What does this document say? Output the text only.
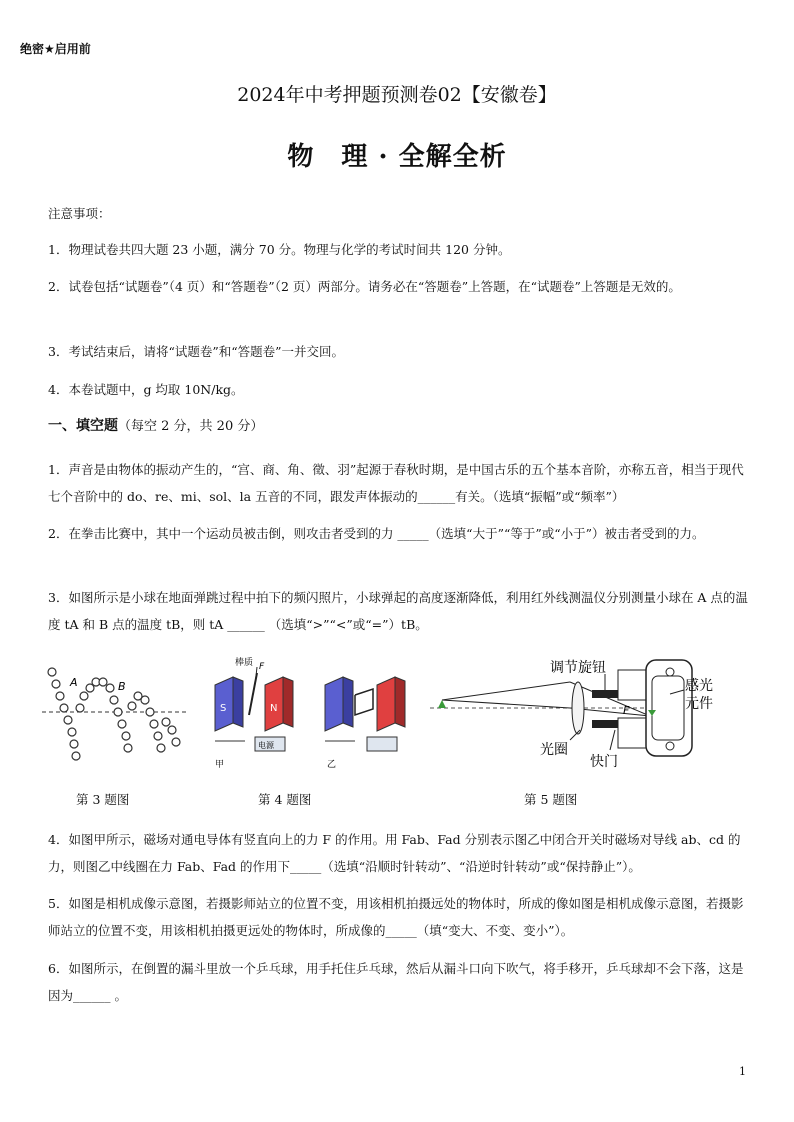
绝密★启用前
2024年中考押题预测卷02【安徽卷】
物　理 · 全解全析
注意事项：
1．物理试卷共四大题 23 小题，满分 70 分。物理与化学的考试时间共 120 分钟。
2．试卷包括“试题卷”（4 页）和“答题卷”（2 页）两部分。请务必在“答题卷”上答题，在“试题卷”上答题是无效的。
3．考试结束后，请将“试题卷”和“答题卷”一并交回。
4．本卷试题中，g 均取 10N/kg。
一、填空题（每空 2 分，共 20 分）
1．声音是由物体的振动产生的，“宫、商、角、徵、羽”起源于春秋时期，是中国古乐的五个基本音阶，亦称五音，相当于现代七个音阶中的 do、re、mi、sol、la 五音的不同，跟发声体振动的______有关。（选填“振幅”或“频率”）
2．在拳击比赛中，其中一个运动员被击倒，则攻击者受到的力 _____（选填“大于”“等于”或“小于”）被击者受到的力。
3．如图所示是小球在地面弹跳过程中拍下的频闪照片，小球弹起的高度逐渐降低，利用红外线测温仪分别测量小球在 A 点的温度 tA 和 B 点的温度 tB，则 tA ______ （选填“>”“<”或“=”）tB。
A	B
S	N
棒质 F
电源
甲	乙
F
调节旋钮
感光
元件
光圈
快门
第 3 题图	第 4 题图	第 5 题图
4．如图甲所示，磁场对通电导体有竖直向上的力 F 的作用。用 Fab、Fad 分别表示图乙中闭合开关时磁场对导线 ab、cd 的力，则图乙中线圈在力 Fab、Fad 的作用下_____（选填“沿顺时针转动”、“沿逆时针转动”或“保持静止”）。
5．如图是相机成像示意图，若摄影师站立的位置不变，用该相机拍摄远处的物体时，所成的像如图是相机成像示意图，若摄影师站立的位置不变，用该相机拍摄更远处的物体时，所成像的_____（填“变大、不变、变小”）。
6．如图所示，在倒置的漏斗里放一个乒乓球，用手托住乒乓球，然后从漏斗口向下吹气，将手移开，乒乓球却不会下落，这是因为______ 。
1
